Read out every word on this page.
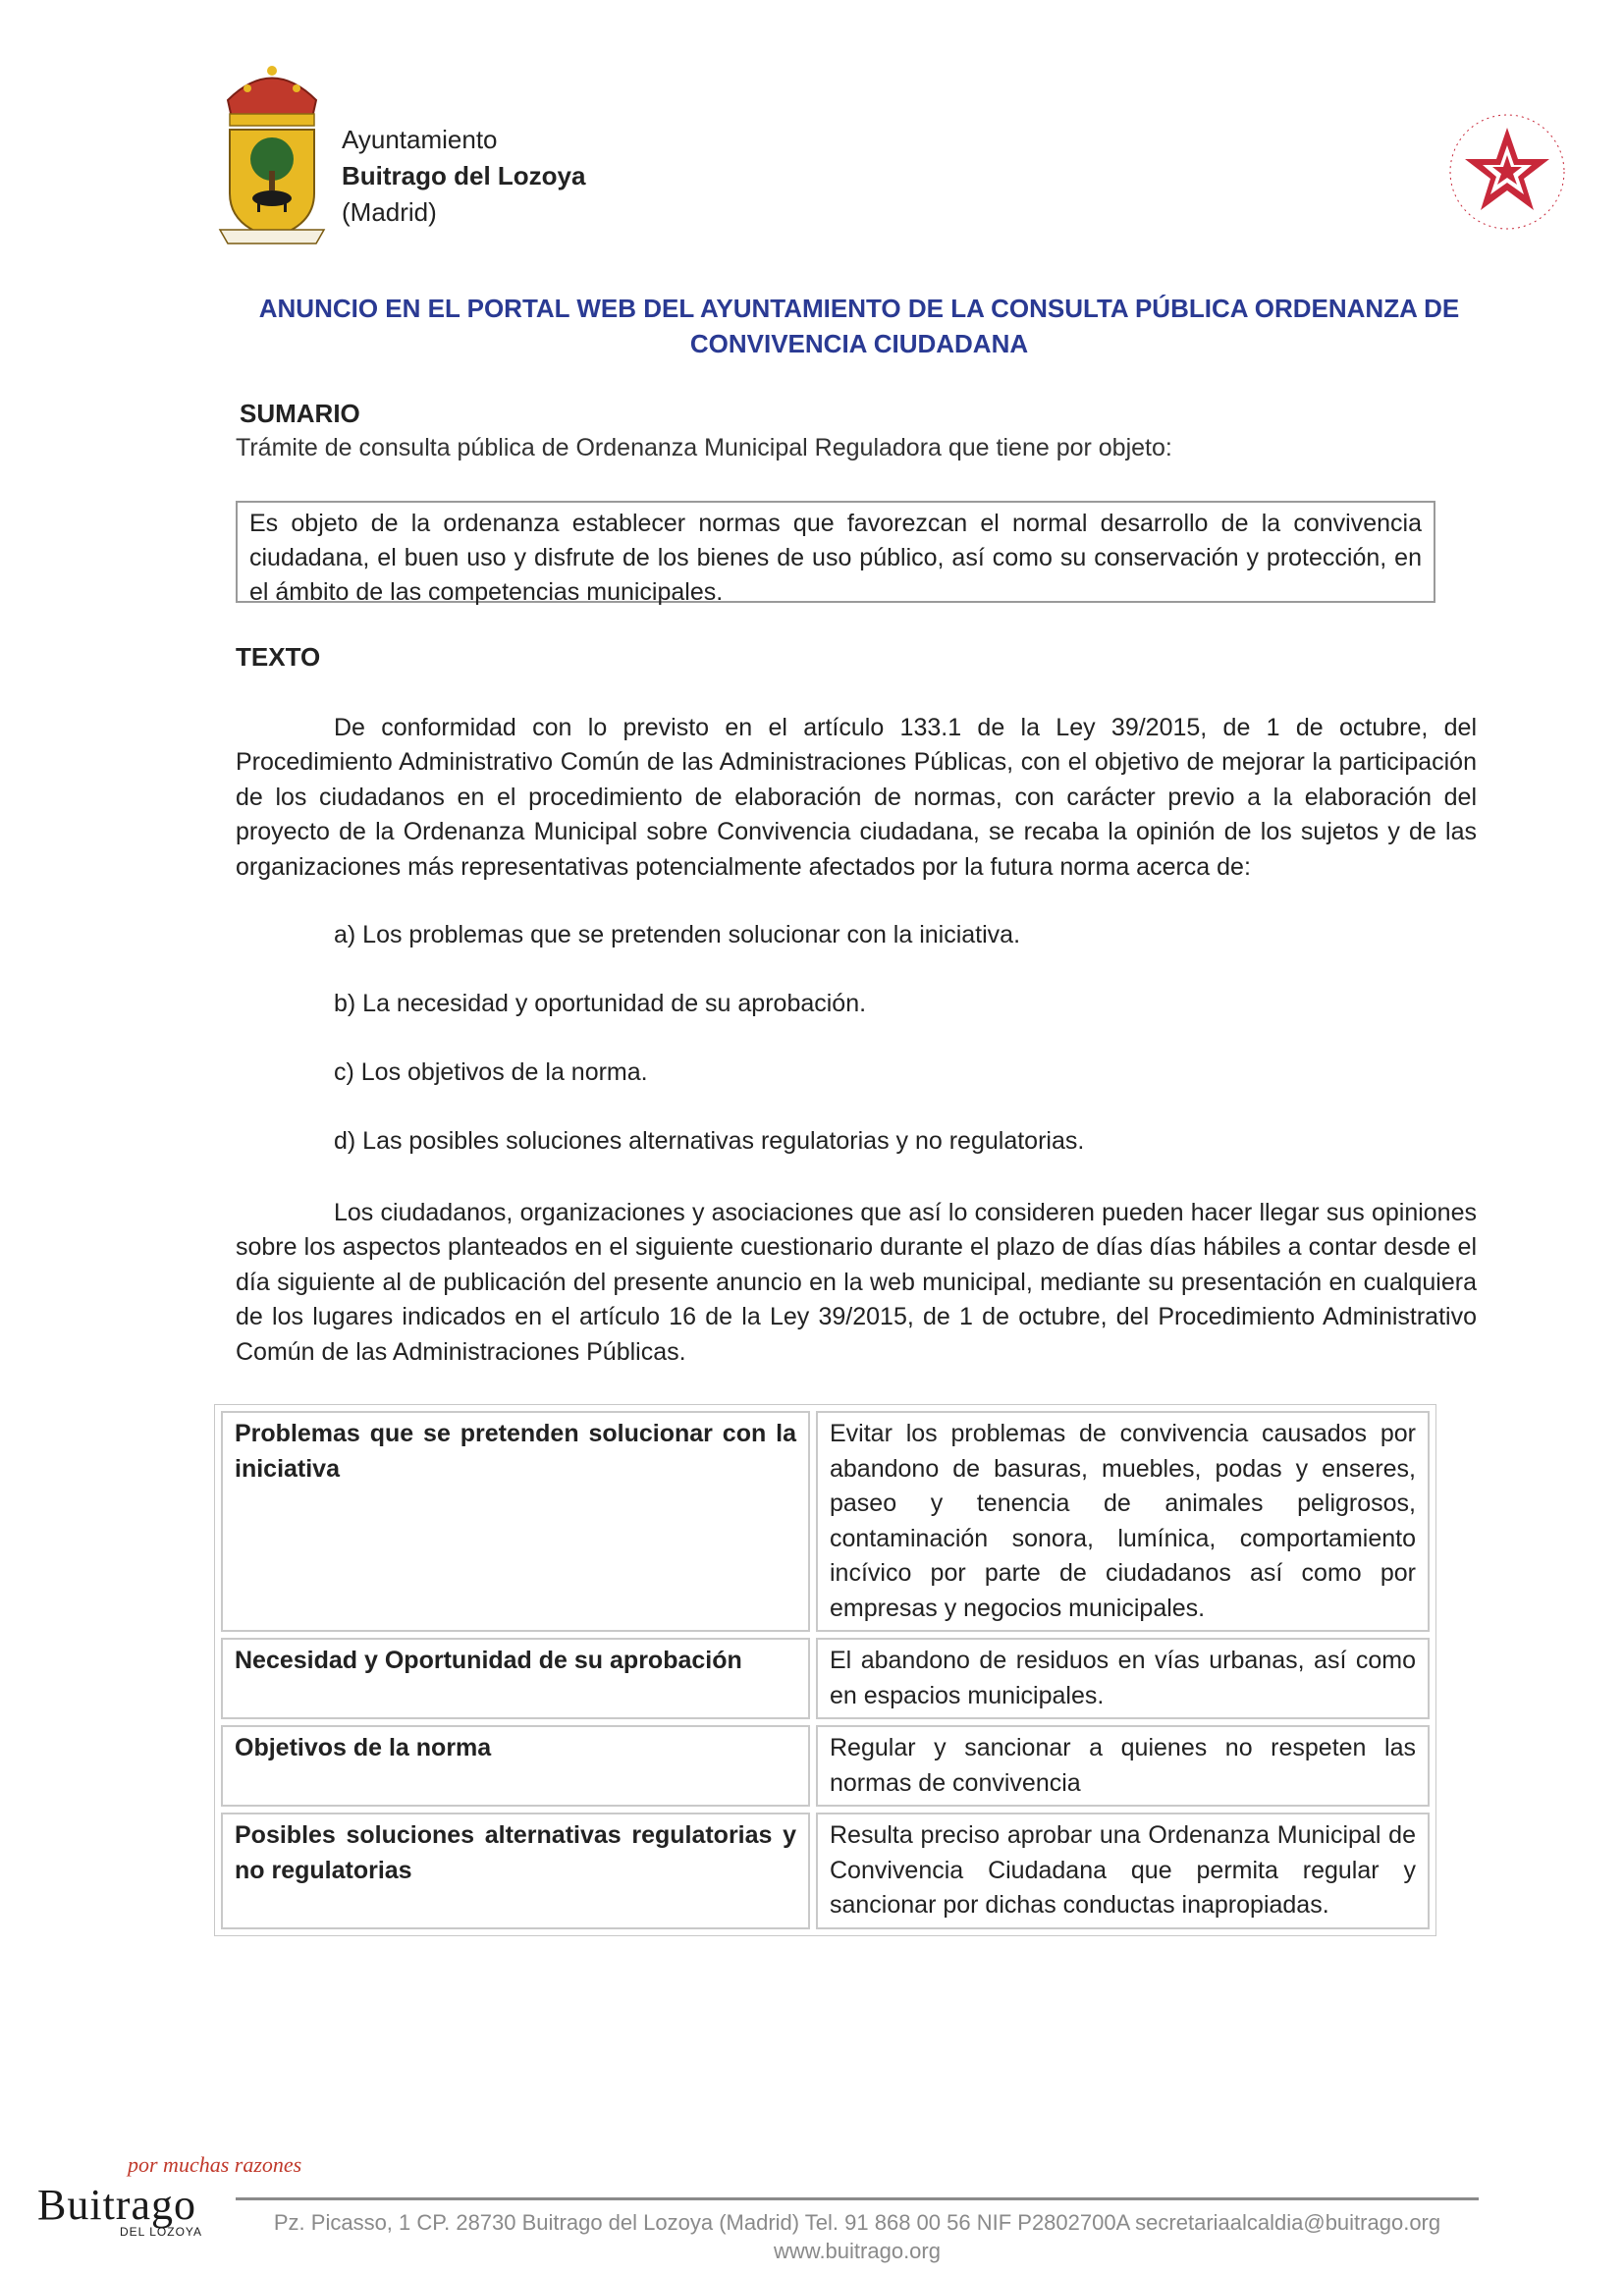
Ayuntamiento
Buitrago del Lozoya
(Madrid)
ANUNCIO EN EL PORTAL WEB DEL AYUNTAMIENTO DE LA CONSULTA PÚBLICA ORDENANZA DE CONVIVENCIA CIUDADANA
SUMARIO
Trámite de consulta pública de Ordenanza Municipal Reguladora que tiene por objeto:
Es objeto de la ordenanza establecer normas que favorezcan el normal desarrollo de la convivencia ciudadana, el buen uso y disfrute de los bienes de uso público, así como su conservación y protección, en el ámbito de las competencias municipales.
TEXTO
De conformidad con lo previsto en el artículo 133.1 de la Ley 39/2015, de 1 de octubre, del Procedimiento Administrativo Común de las Administraciones Públicas, con el objetivo de mejorar la participación de los ciudadanos en el procedimiento de elaboración de normas, con carácter previo a la elaboración del proyecto de la Ordenanza Municipal sobre Convivencia ciudadana, se recaba la opinión de los sujetos y de las organizaciones más representativas potencialmente afectados por la futura norma acerca de:
a) Los problemas que se pretenden solucionar con la iniciativa.
b) La necesidad y oportunidad de su aprobación.
c) Los objetivos de la norma.
d) Las posibles soluciones alternativas regulatorias y no regulatorias.
Los ciudadanos, organizaciones y asociaciones que así lo consideren pueden hacer llegar sus opiniones sobre los aspectos planteados en el siguiente cuestionario durante el plazo de días días hábiles a contar desde el día siguiente al de publicación del presente anuncio en la web municipal, mediante su presentación en cualquiera de los lugares indicados en el artículo 16 de la Ley 39/2015, de 1 de octubre, del Procedimiento Administrativo Común de las Administraciones Públicas.
Problemas que se pretenden solucionar con la iniciativa	Evitar los problemas de convivencia causados por abandono de basuras, muebles, podas y enseres, paseo y tenencia de animales peligrosos, contaminación sonora, lumínica, comportamiento incívico por parte de ciudadanos así como por empresas y negocios municipales.
Necesidad y Oportunidad de su aprobación	El abandono de residuos en vías urbanas, así como en espacios municipales.
Objetivos de la norma	Regular y sancionar a quienes no respeten las normas de convivencia
Posibles soluciones alternativas regulatorias y no regulatorias	Resulta preciso aprobar una Ordenanza Municipal de Convivencia Ciudadana que permita regular y sancionar por dichas conductas inapropiadas.
por muchas razones
Buitrago
DEL LOZOYA	Pz. Picasso, 1 CP. 28730 Buitrago del Lozoya (Madrid) Tel. 91 868 00 56 NIF P2802700A secretariaalcaldia@buitrago.org
www.buitrago.org
